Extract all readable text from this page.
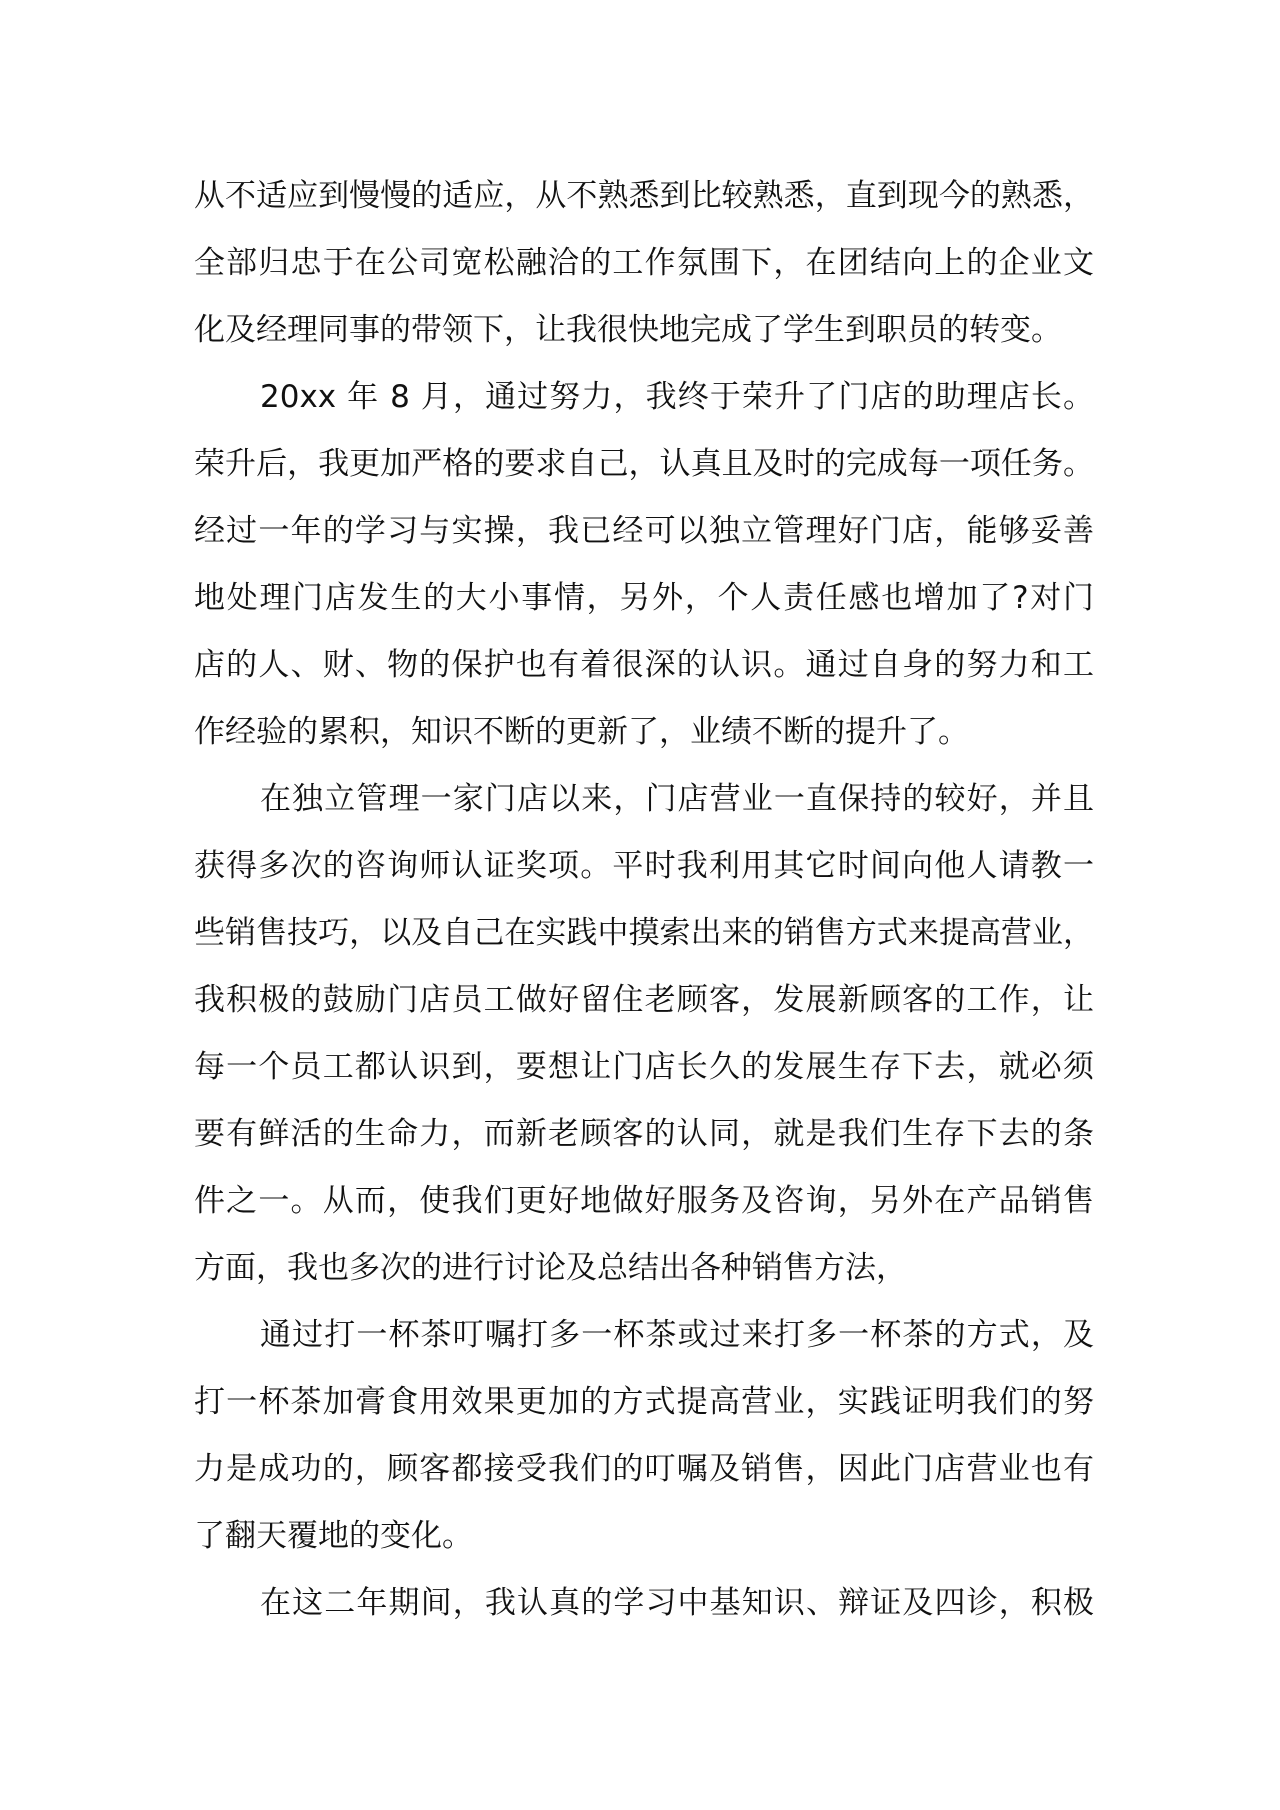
从不适应到慢慢的适应，从不熟悉到比较熟悉，直到现今的熟悉，
全部归忠于在公司宽松融洽的工作氛围下，在团结向上的企业文
化及经理同事的带领下，让我很快地完成了学生到职员的转变。
20xx 年 8 月，通过努力，我终于荣升了门店的助理店长。
荣升后，我更加严格的要求自己，认真且及时的完成每一项任务。
经过一年的学习与实操，我已经可以独立管理好门店，能够妥善
地处理门店发生的大小事情，另外，个人责任感也增加了?对门
店的人、财、物的保护也有着很深的认识。通过自身的努力和工
作经验的累积，知识不断的更新了，业绩不断的提升了。
在独立管理一家门店以来，门店营业一直保持的较好，并且
获得多次的咨询师认证奖项。平时我利用其它时间向他人请教一
些销售技巧，以及自己在实践中摸索出来的销售方式来提高营业，
我积极的鼓励门店员工做好留住老顾客，发展新顾客的工作，让
每一个员工都认识到，要想让门店长久的发展生存下去，就必须
要有鲜活的生命力，而新老顾客的认同，就是我们生存下去的条
件之一。从而，使我们更好地做好服务及咨询，另外在产品销售
方面，我也多次的进行讨论及总结出各种销售方法，
通过打一杯茶叮嘱打多一杯茶或过来打多一杯茶的方式，及
打一杯茶加膏食用效果更加的方式提高营业，实践证明我们的努
力是成功的，顾客都接受我们的叮嘱及销售，因此门店营业也有
了翻天覆地的变化。
在这二年期间，我认真的学习中基知识、辩证及四诊，积极
